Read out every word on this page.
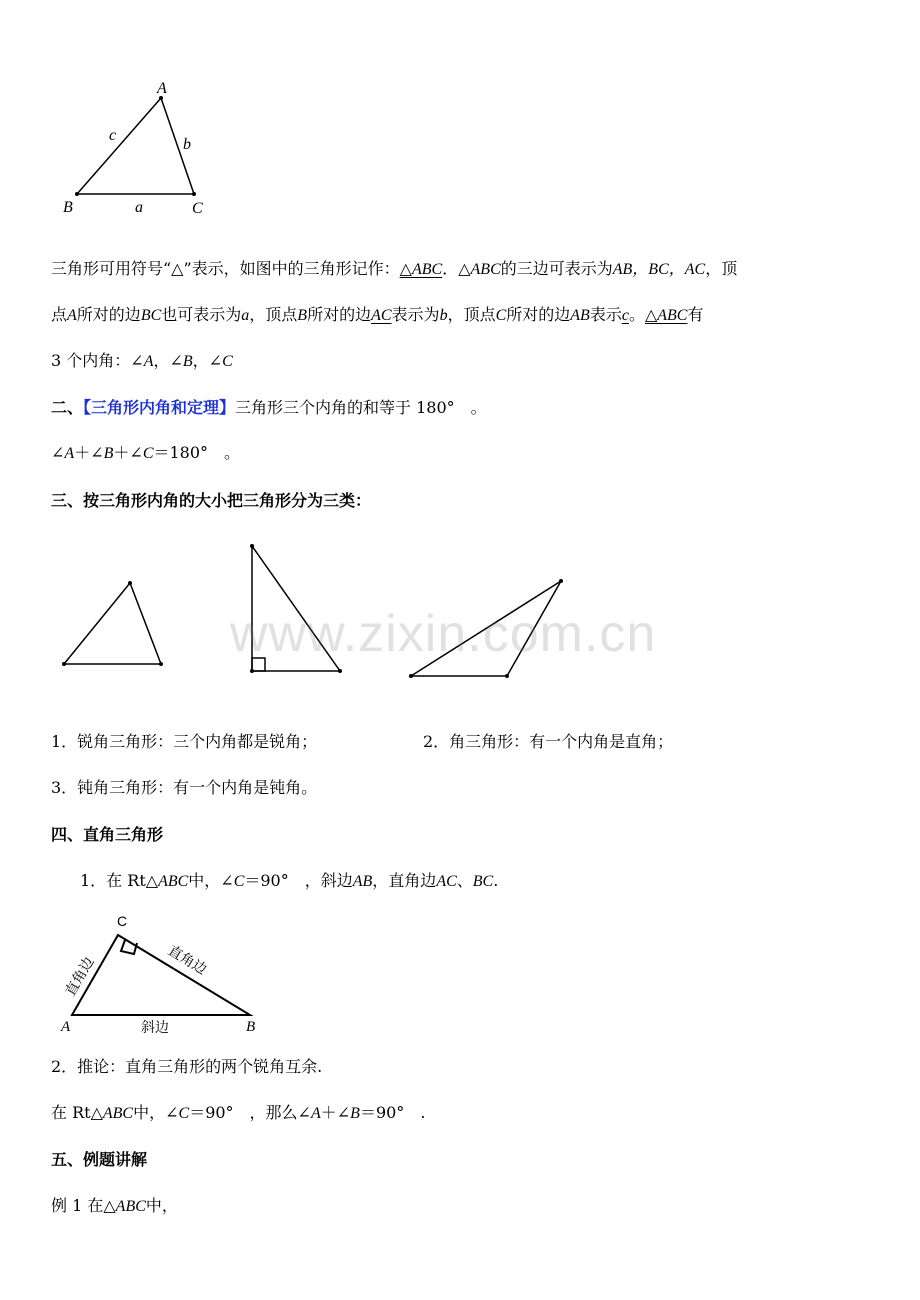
A
B	C
a
b
c
三角形可用符号“△”表示，如图中的三角形记作：△ABC．△ABC的三边可表示为AB，BC，AC，顶
点A所对的边BC也可表示为a，顶点B所对的边AC表示为b，顶点C所对的边AB表示c。△ABC有
3 个内角：∠A，∠B，∠C
二、【三角形内角和定理】三角形三个内角的和等于 180°　。
∠A＋∠B＋∠C＝180°　。
三、按三角形内角的大小把三角形分为三类：
www.zixin.com.cn
1．锐角三角形：三个内角都是锐角；	2．角三角形：有一个内角是直角；
3．钝角三角形：有一个内角是钝角。
四、直角三角形
1．在 Rt△ABC中，∠C＝90°　，斜边AB，直角边AC、BC.
C
A	B
斜边
直角边	直角边
2．推论：直角三角形的两个锐角互余.
在 Rt△ABC中，∠C＝90°　，那么∠A＋∠B＝90°　.
五、例题讲解
例 1 在△ABC中，
